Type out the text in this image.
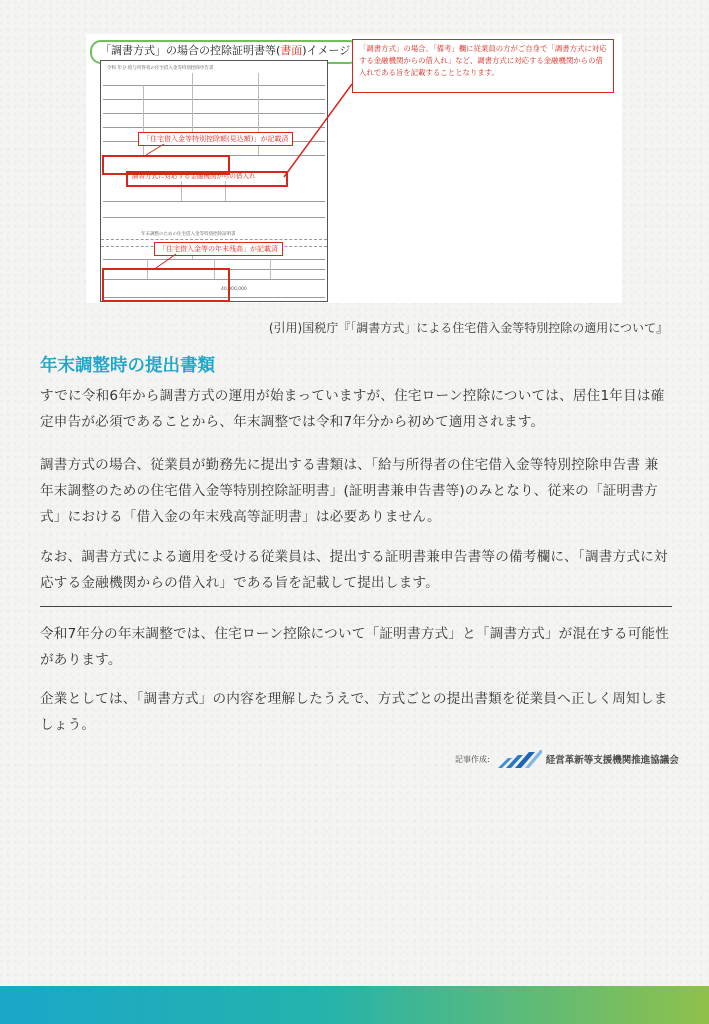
「調書方式」の場合の控除証明書等(書面)イメージ
令和 年分 給与所得者の住宅借入金等特別控除申告書
年末調整のための住宅借入金等特別控除証明書
40,000,000
「住宅借入金等特別控除額(見込額)」が記載済
調書方式に対応する金融機関からの借入れ
「住宅借入金等の年末残高」が記載済
「調書方式」の場合、「備考」欄に従業員の方がご自身で「調書方式に対応する金融機関からの借入れ」など、調書方式に対応する金融機関からの借入れである旨を記載することとなります。
(引用)国税庁『「調書方式」による住宅借入金等特別控除の適用について』
年末調整時の提出書類

すでに令和6年から調書方式の運用が始まっていますが、住宅ローン控除については、居住1年目は確定申告が必須であることから、年末調整では令和7年分から初めて適用されます。

調書方式の場合、従業員が勤務先に提出する書類は、「給与所得者の住宅借入金等特別控除申告書 兼 年末調整のための住宅借入金等特別控除証明書」(証明書兼申告書等)のみとなり、従来の「証明書方式」における「借入金の年末残高等証明書」は必要ありません。

なお、調書方式による適用を受ける従業員は、提出する証明書兼申告書等の備考欄に、「調書方式に対応する金融機関からの借入れ」である旨を記載して提出します。

令和7年分の年末調整では、住宅ローン控除について「証明書方式」と「調書方式」が混在する可能性があります。

企業としては、「調書方式」の内容を理解したうえで、方式ごとの提出書類を従業員へ正しく周知しましょう。

記事作成:	経営革新等支援機関推進協議会
